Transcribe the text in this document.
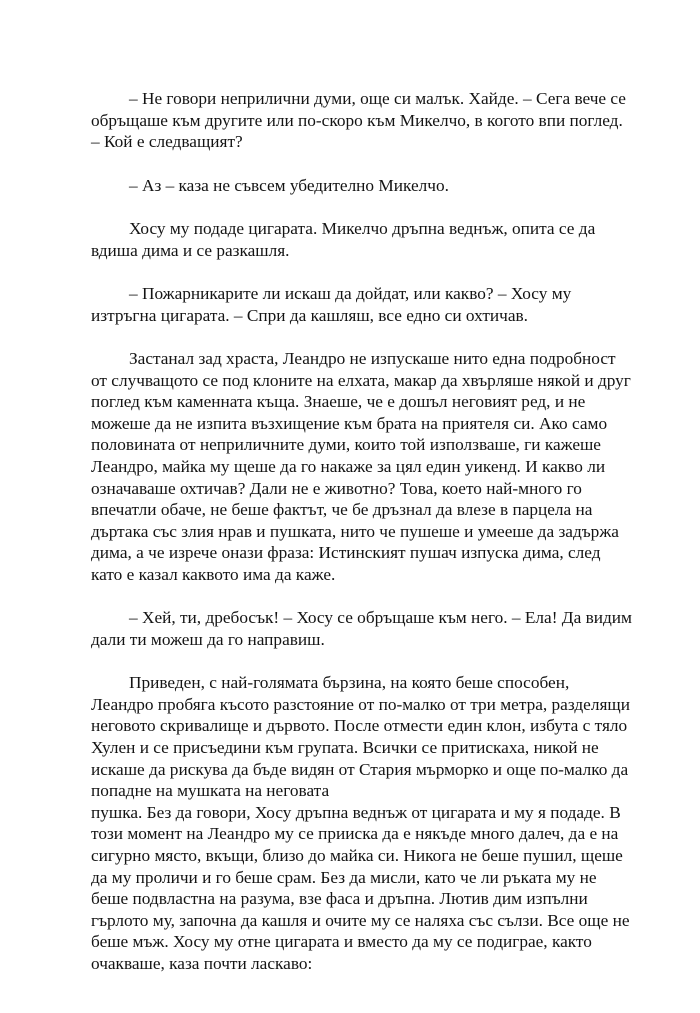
– Не говори неприлични думи, още си малък. Хайде. – Сега вече се
обръщаше към другите или по-скоро към Микелчо, в когото впи поглед.
– Кой е следващият?

– Аз – каза не съвсем убедително Микелчо.

Хосу му подаде цигарата. Микелчо дръпна веднъж, опита се да
вдиша дима и се разкашля.

– Пожарникарите ли искаш да дойдат, или какво? – Хосу му
изтръгна цигарата. – Спри да кашляш, все едно си охтичав.

Застанал зад храста, Леандро не изпускаше нито една подробност
от случващото се под клоните на елхата, макар да хвърляше някой и друг
поглед към каменната къща. Знаеше, че е дошъл неговият ред, и не
можеше да не изпита възхищение към брата на приятеля си. Ако само
половината от неприличните думи, които той използваше, ги кажеше
Леандро, майка му щеше да го накаже за цял един уикенд. И какво ли
означаваше охтичав? Дали не е животно? Това, което най-много го
впечатли обаче, не беше фактът, че бе дръзнал да влезе в парцела на
дъртака със злия нрав и пушката, нито че пушеше и умееше да задържа
дима, а че изрече онази фраза: Истинският пушач изпуска дима, след
като е казал каквото има да каже.

– Хей, ти, дребосък! – Хосу се обръщаше към него. – Ела! Да видим
дали ти можеш да го направиш.

Приведен, с най-голямата бързина, на която беше способен,
Леандро пробяга късото разстояние от по-малко от три метра, разделящи
неговото скривалище и дървото. После отмести един клон, избута с тяло
Хулен и се присъедини към групата. Всички се притискаха, никой не
искаше да рискува да бъде видян от Стария мърморко и още по-малко да
попадне на мушката на неговата
пушка. Без да говори, Хосу дръпна веднъж от цигарата и му я подаде. В
този момент на Леандро му се прииска да е някъде много далеч, да е на
сигурно място, вкъщи, близо до майка си. Никога не беше пушил, щеше
да му проличи и го беше срам. Без да мисли, като че ли ръката му не
беше подвластна на разума, взе фаса и дръпна. Лютив дим изпълни
гърлото му, започна да кашля и очите му се наляха със сълзи. Все още не
беше мъж. Хосу му отне цигарата и вместо да му се подиграе, както
очакваше, каза почти ласкаво:
